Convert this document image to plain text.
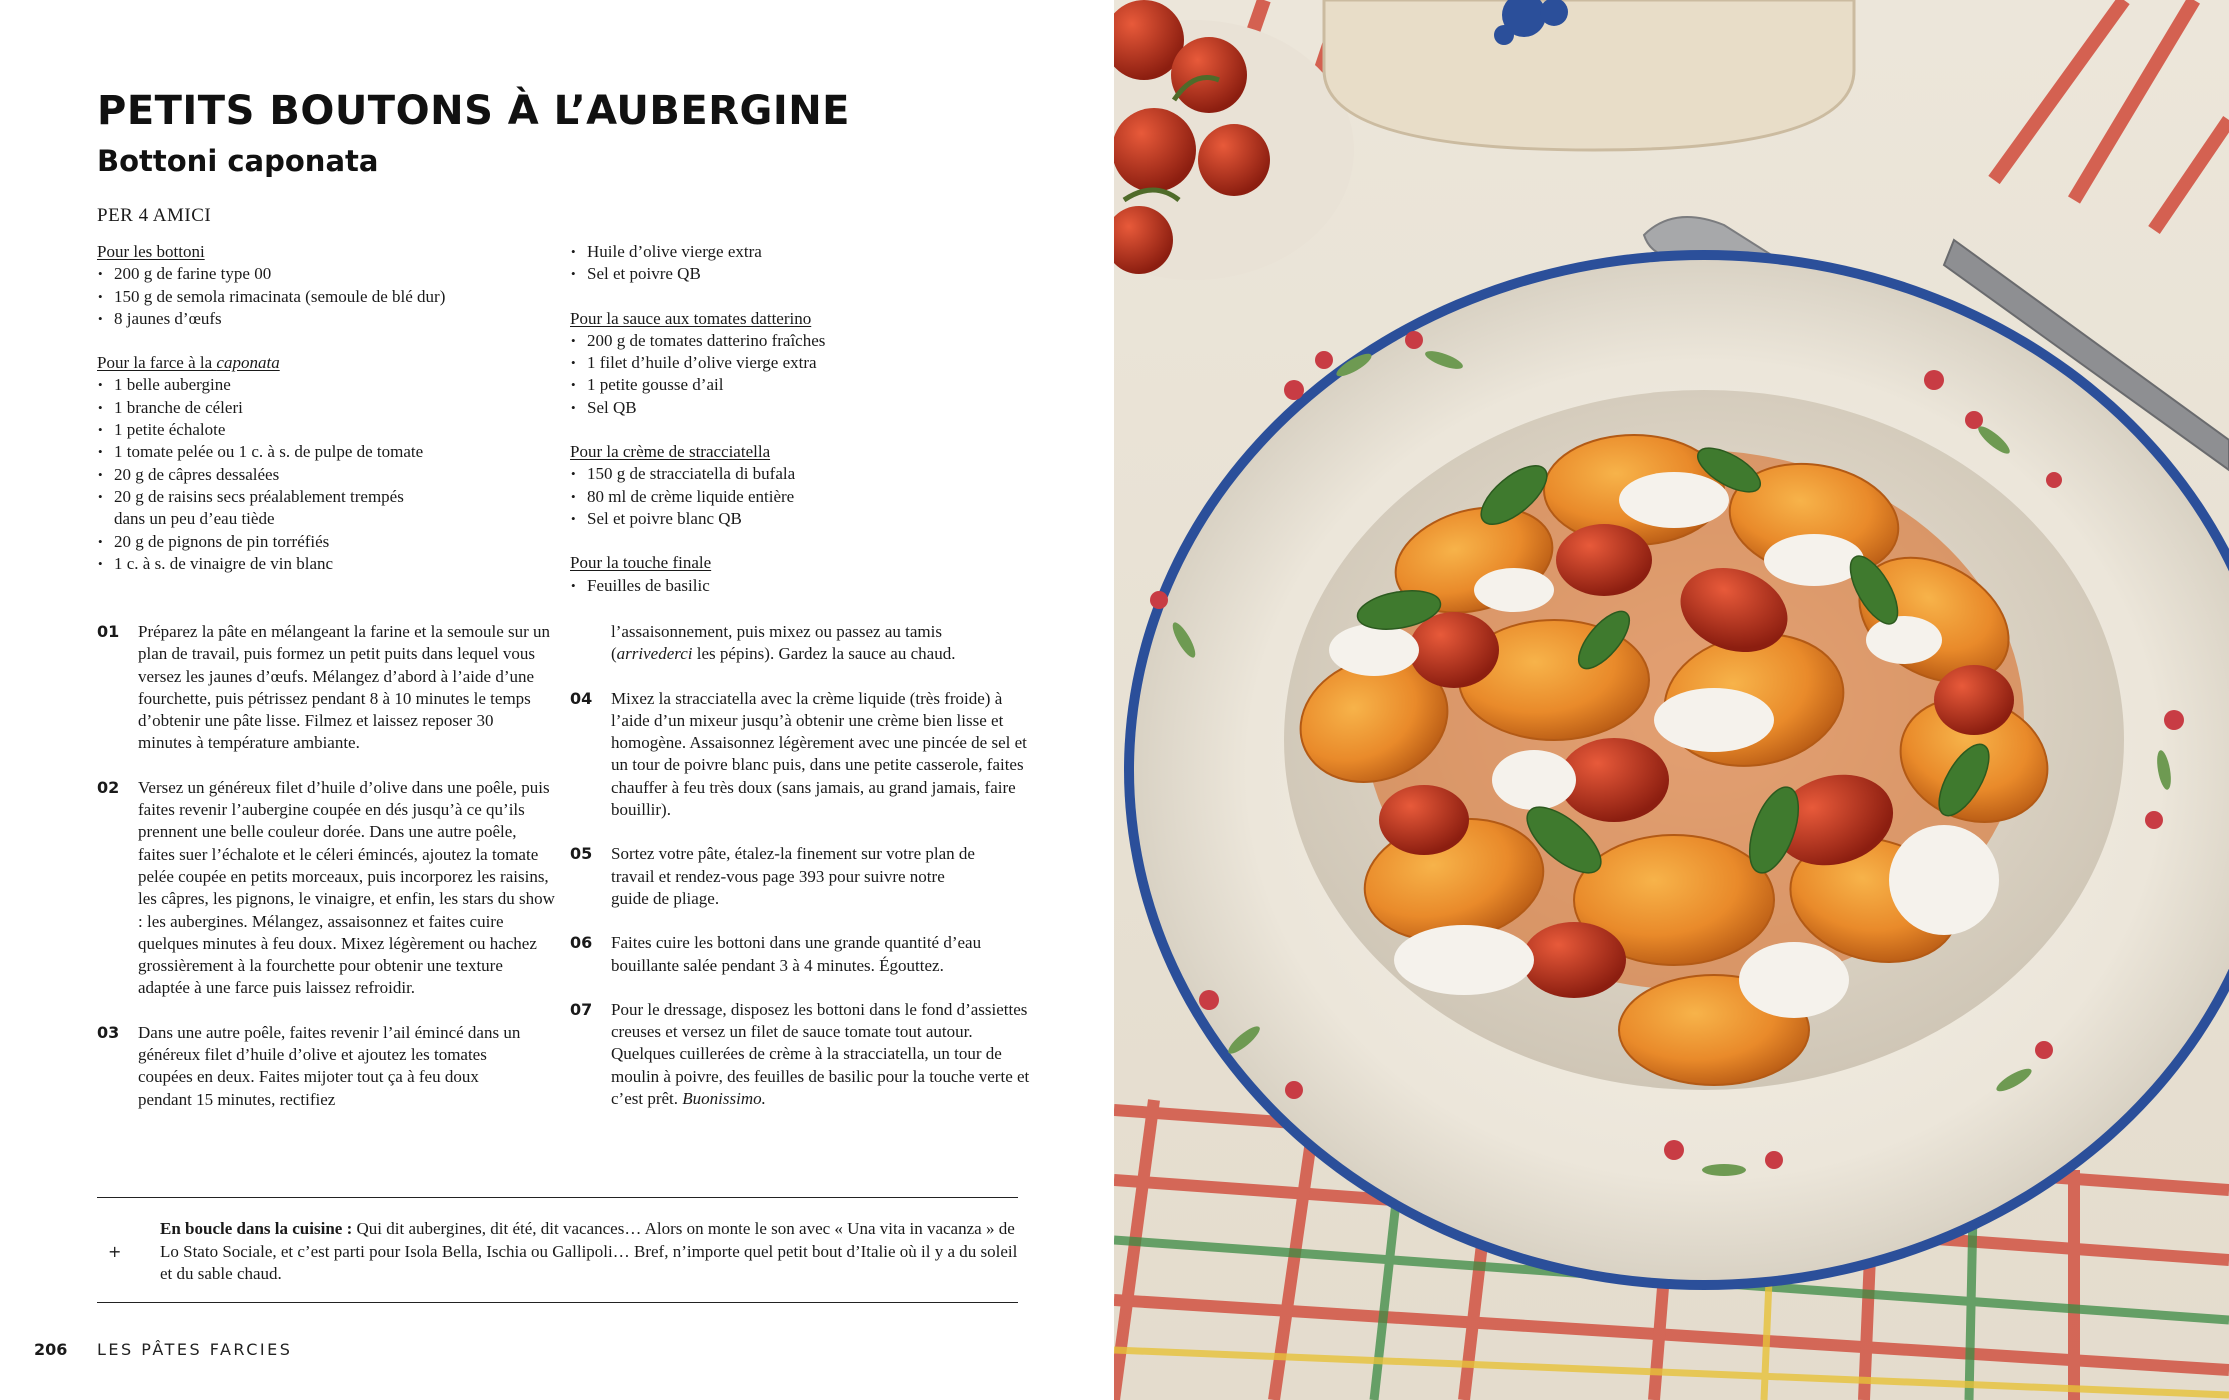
PETITS BOUTONS À L’AUBERGINE
Bottoni caponata
PER 4 AMICI
Pour les bottoni
• 200 g de farine type 00
• 150 g de semola rimacinata (semoule de blé dur)
• 8 jaunes d’œufs
Pour la farce à la caponata
• 1 belle aubergine
• 1 branche de céleri
• 1 petite échalote
• 1 tomate pelée ou 1 c. à s. de pulpe de tomate
• 20 g de câpres dessalées
• 20 g de raisins secs préalablement trempés dans un peu d’eau tiède
• 20 g de pignons de pin torréfiés
• 1 c. à s. de vinaigre de vin blanc
• Huile d’olive vierge extra
• Sel et poivre QB
Pour la sauce aux tomates datterino
• 200 g de tomates datterino fraîches
• 1 filet d’huile d’olive vierge extra
• 1 petite gousse d’ail
• Sel QB
Pour la crème de stracciatella
• 150 g de stracciatella di bufala
• 80 ml de crème liquide entière
• Sel et poivre blanc QB
Pour la touche finale
• Feuilles de basilic
01 Préparez la pâte en mélangeant la farine et la semoule sur un plan de travail, puis formez un petit puits dans lequel vous versez les jaunes d’œufs. Mélangez d’abord à l’aide d’une fourchette, puis pétrissez pendant 8 à 10 minutes le temps d’obtenir une pâte lisse. Filmez et laissez reposer 30 minutes à température ambiante.
02 Versez un généreux filet d’huile d’olive dans une poêle, puis faites revenir l’aubergine coupée en dés jusqu’à ce qu’ils prennent une belle couleur dorée. Dans une autre poêle, faites suer l’échalote et le céleri émincés, ajoutez la tomate pelée coupée en petits morceaux, puis incorporez les raisins, les câpres, les pignons, le vinaigre, et enfin, les stars du show : les aubergines. Mélangez, assaisonnez et faites cuire quelques minutes à feu doux. Mixez légèrement ou hachez grossièrement à la fourchette pour obtenir une texture adaptée à une farce puis laissez refroidir.
03 Dans une autre poêle, faites revenir l’ail émincé dans un généreux filet d’huile d’olive et ajoutez les tomates coupées en deux. Faites mijoter tout ça à feu doux pendant 15 minutes, rectifiez
l’assaisonnement, puis mixez ou passez au tamis (arrivederci les pépins). Gardez la sauce au chaud.
04 Mixez la stracciatella avec la crème liquide (très froide) à l’aide d’un mixeur jusqu’à obtenir une crème bien lisse et homogène. Assaisonnez légèrement avec une pincée de sel et un tour de poivre blanc puis, dans une petite casserole, faites chauffer à feu très doux (sans jamais, au grand jamais, faire bouillir).
05 Sortez votre pâte, étalez-la finement sur votre plan de travail et rendez-vous page 393 pour suivre notre guide de pliage.
06 Faites cuire les bottoni dans une grande quantité d’eau bouillante salée pendant 3 à 4 minutes. Égouttez.
07 Pour le dressage, disposez les bottoni dans le fond d’assiettes creuses et versez un filet de sauce tomate tout autour. Quelques cuillerées de crème à la stracciatella, un tour de moulin à poivre, des feuilles de basilic pour la touche verte et c’est prêt. Buonissimo.
+
En boucle dans la cuisine : Qui dit aubergines, dit été, dit vacances… Alors on monte le son avec « Una vita in vacanza » de Lo Stato Sociale, et c’est parti pour Isola Bella, Ischia ou Gallipoli… Bref, n’importe quel petit bout d’Italie où il y a du soleil et du sable chaud.
206 LES PÂTES FARCIES
